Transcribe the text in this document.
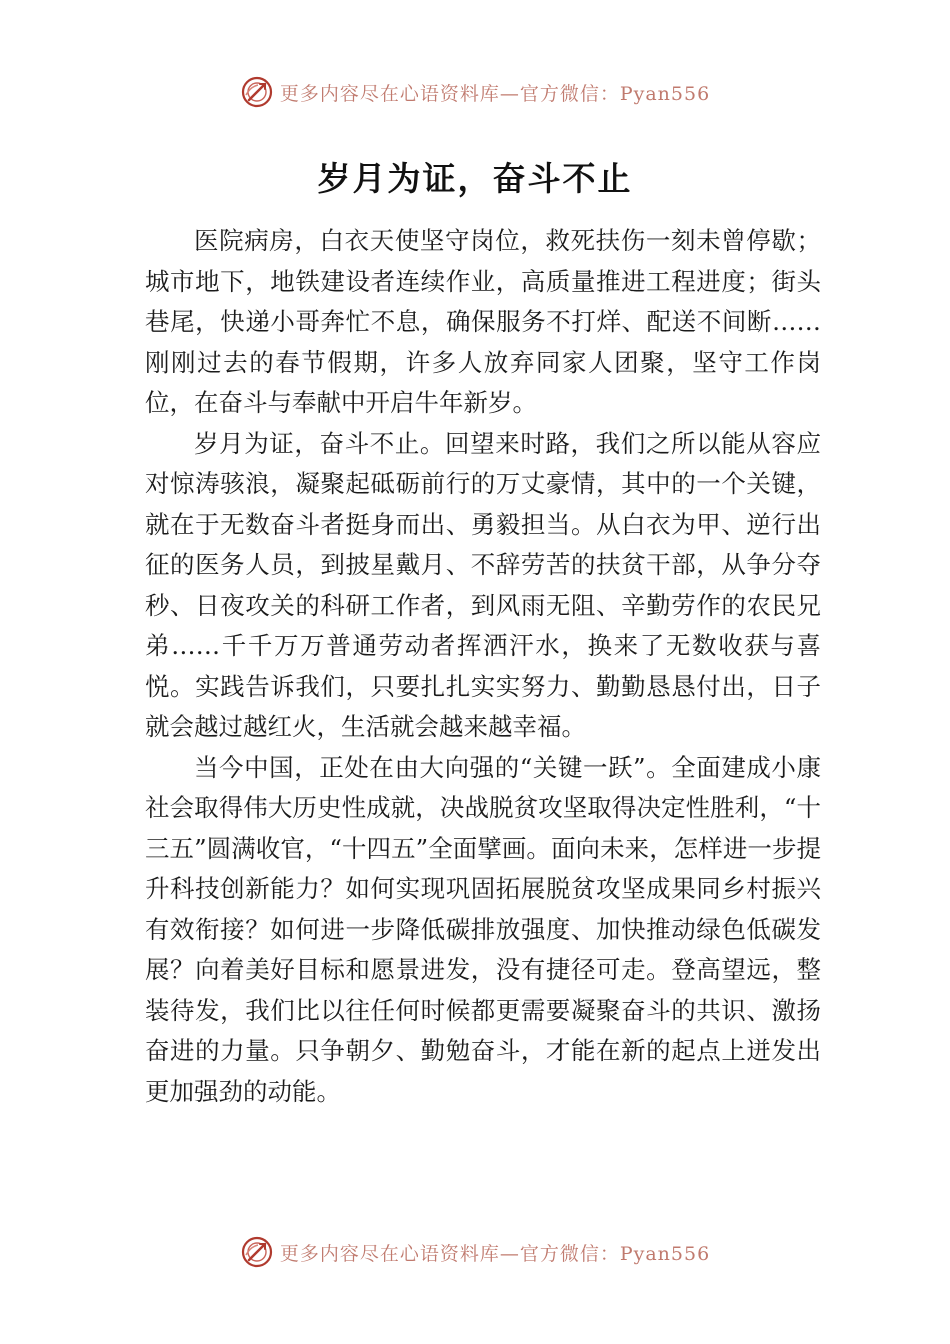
更多内容尽在心语资料库—官方微信：Pyan556
岁月为证，奋斗不止

医院病房，白衣天使坚守岗位，救死扶伤一刻未曾停歇；城市地下，地铁建设者连续作业，高质量推进工程进度；街头巷尾，快递小哥奔忙不息，确保服务不打烊、配送不间断……刚刚过去的春节假期，许多人放弃同家人团聚，坚守工作岗位，在奋斗与奉献中开启牛年新岁。

岁月为证，奋斗不止。回望来时路，我们之所以能从容应对惊涛骇浪，凝聚起砥砺前行的万丈豪情，其中的一个关键，就在于无数奋斗者挺身而出、勇毅担当。从白衣为甲、逆行出征的医务人员，到披星戴月、不辞劳苦的扶贫干部，从争分夺秒、日夜攻关的科研工作者，到风雨无阻、辛勤劳作的农民兄弟……千千万万普通劳动者挥洒汗水，换来了无数收获与喜悦。实践告诉我们，只要扎扎实实努力、勤勤恳恳付出，日子就会越过越红火，生活就会越来越幸福。

当今中国，正处在由大向强的“关键一跃”。全面建成小康社会取得伟大历史性成就，决战脱贫攻坚取得决定性胜利，“十三五”圆满收官，“十四五”全面擘画。面向未来，怎样进一步提升科技创新能力？如何实现巩固拓展脱贫攻坚成果同乡村振兴有效衔接？如何进一步降低碳排放强度、加快推动绿色低碳发展？向着美好目标和愿景进发，没有捷径可走。登高望远，整装待发，我们比以往任何时候都更需要凝聚奋斗的共识、激扬奋进的力量。只争朝夕、勤勉奋斗，才能在新的起点上迸发出更加强劲的动能。

更多内容尽在心语资料库—官方微信：Pyan556
